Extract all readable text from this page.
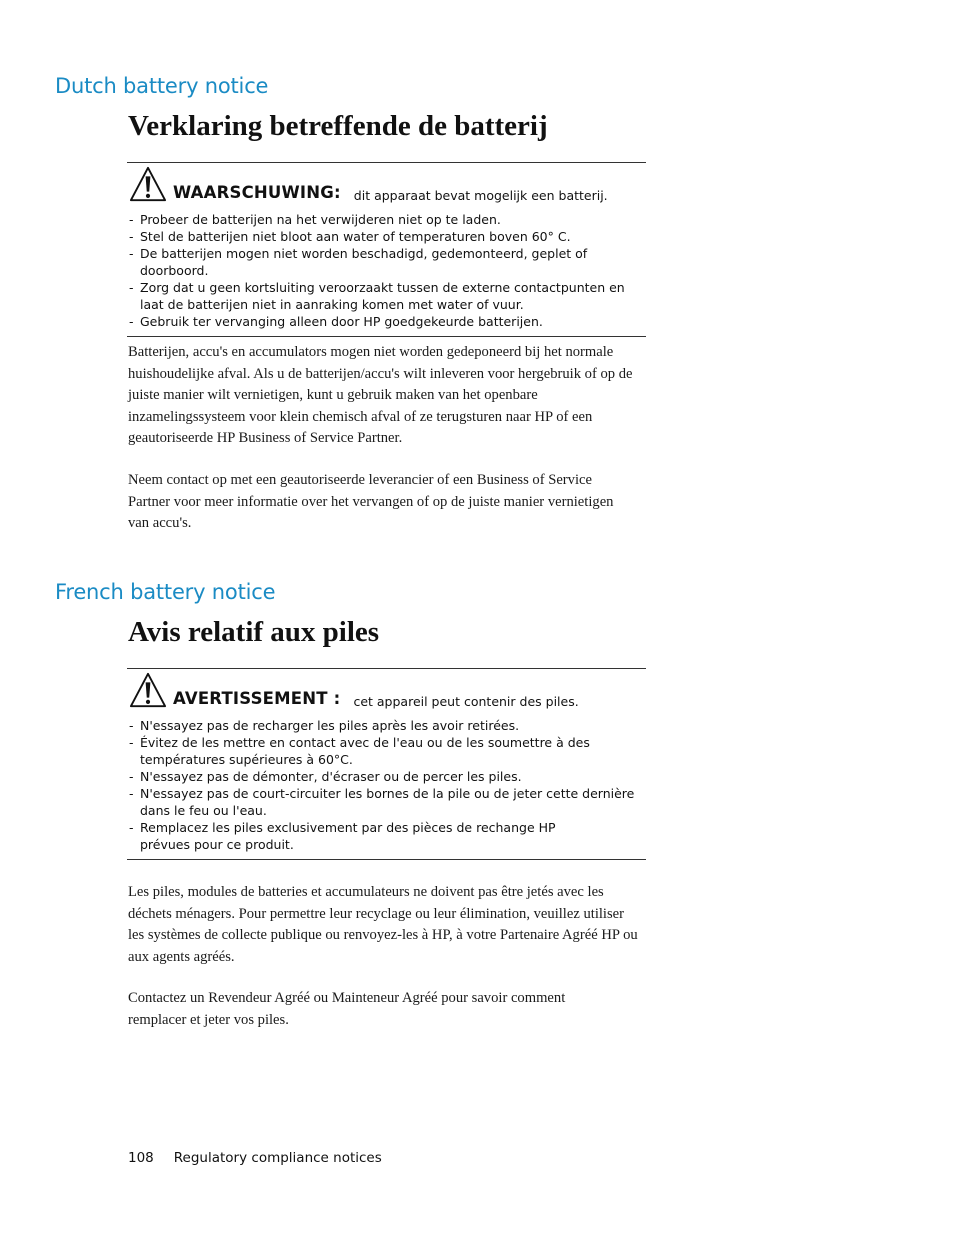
Dutch battery notice
Verklaring betreffende de batterij
WAARSCHUWING: dit apparaat bevat mogelijk een batterij.
- Probeer de batterijen na het verwijderen niet op te laden.
- Stel de batterijen niet bloot aan water of temperaturen boven 60° C.
- De batterijen mogen niet worden beschadigd, gedemonteerd, geplet of doorboord.
- Zorg dat u geen kortsluiting veroorzaakt tussen de externe contactpunten en laat de batterijen niet in aanraking komen met water of vuur.
- Gebruik ter vervanging alleen door HP goedgekeurde batterijen.

Batterijen, accu's en accumulators mogen niet worden gedeponeerd bij het normale huishoudelijke afval. Als u de batterijen/accu's wilt inleveren voor hergebruik of op de juiste manier wilt vernietigen, kunt u gebruik maken van het openbare inzamelingssysteem voor klein chemisch afval of ze terugsturen naar HP of een geautoriseerde HP Business of Service Partner.

Neem contact op met een geautoriseerde leverancier of een Business of Service Partner voor meer informatie over het vervangen of op de juiste manier vernietigen van accu's.

French battery notice
Avis relatif aux piles
AVERTISSEMENT : cet appareil peut contenir des piles.
- N'essayez pas de recharger les piles après les avoir retirées.
- Évitez de les mettre en contact avec de l'eau ou de les soumettre à des températures supérieures à 60°C.
- N'essayez pas de démonter, d'écraser ou de percer les piles.
- N'essayez pas de court-circuiter les bornes de la pile ou de jeter cette dernière dans le feu ou l'eau.
- Remplacez les piles exclusivement par des pièces de rechange HP prévues pour ce produit.

Les piles, modules de batteries et accumulateurs ne doivent pas être jetés avec les déchets ménagers. Pour permettre leur recyclage ou leur élimination, veuillez utiliser les systèmes de collecte publique ou renvoyez-les à HP, à votre Partenaire Agréé HP ou aux agents agréés.

Contactez un Revendeur Agréé ou Mainteneur Agréé pour savoir comment remplacer et jeter vos piles.

108 Regulatory compliance notices
